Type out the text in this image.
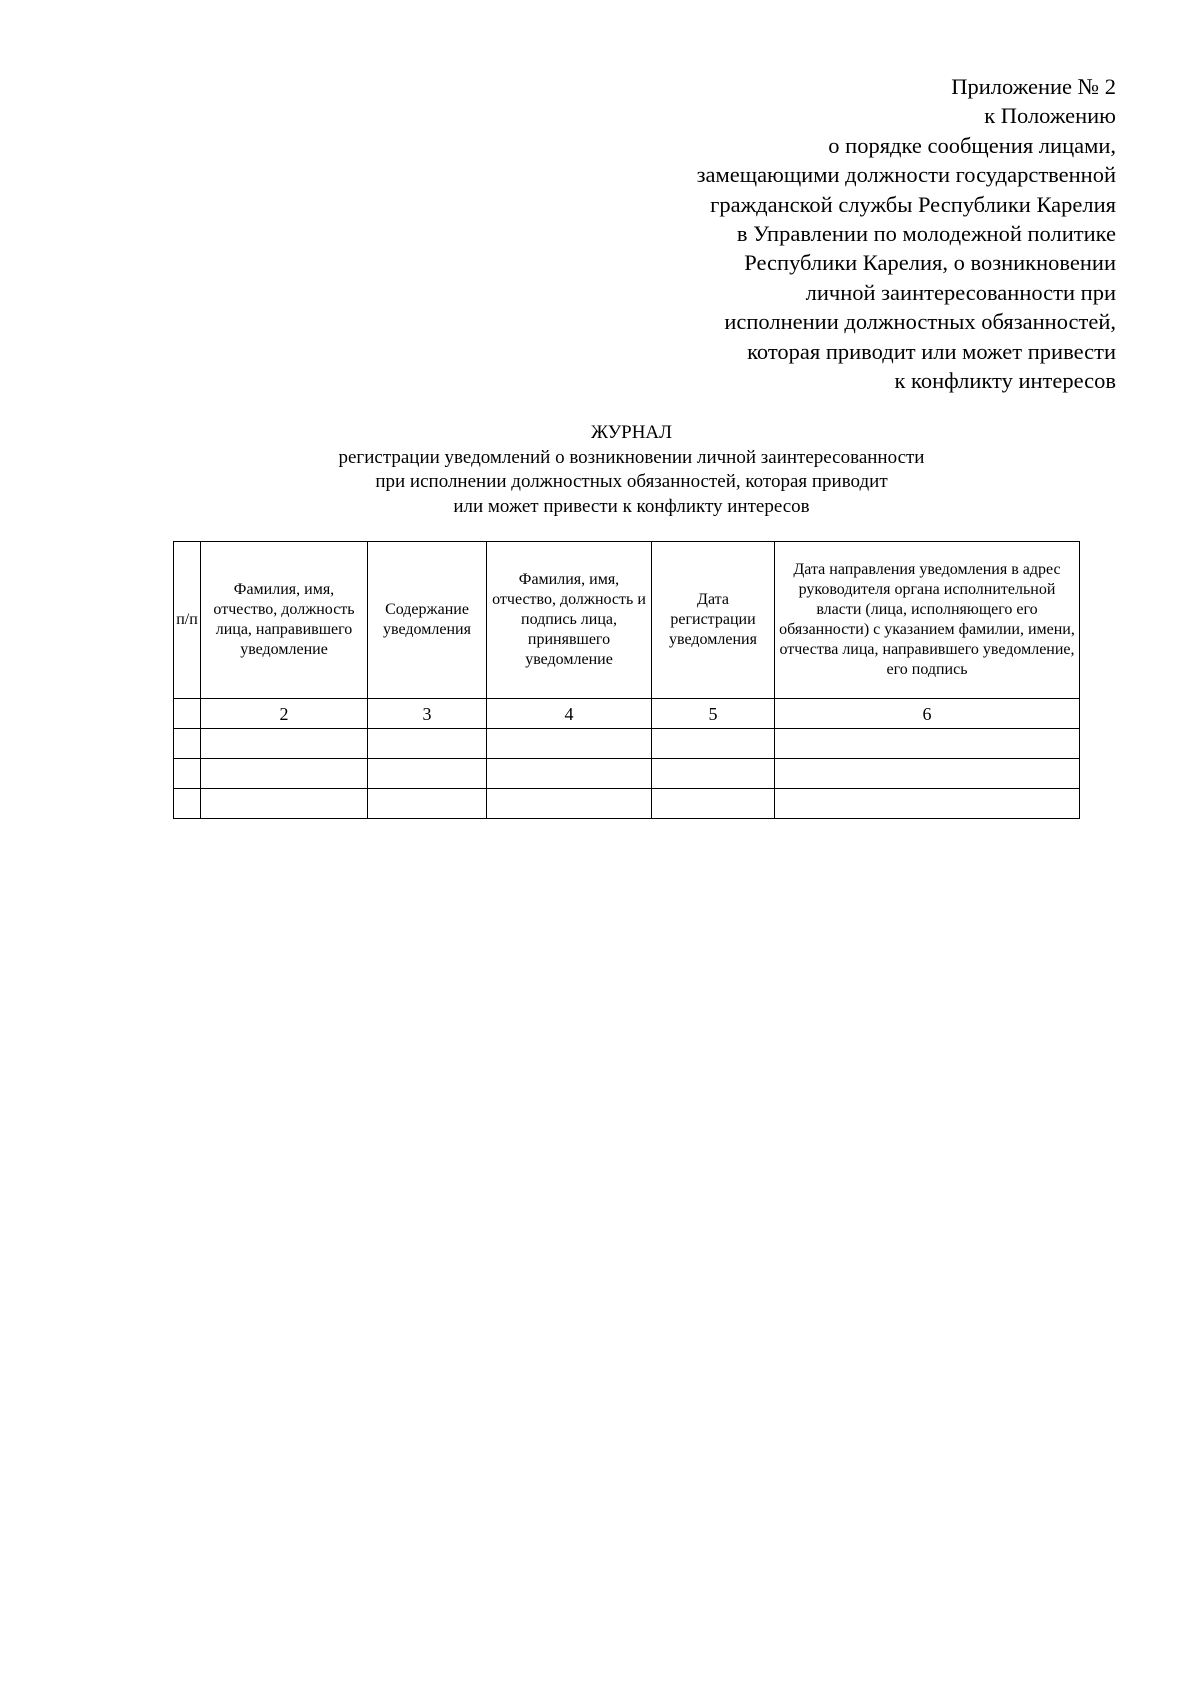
Приложение № 2
к Положению
о порядке сообщения лицами,
замещающими должности государственной
гражданской службы Республики Карелия
в Управлении по молодежной политике
Республики Карелия, о возникновении
личной заинтересованности при
исполнении должностных обязанностей,
которая приводит или может привести
к конфликту интересов
ЖУРНАЛ
регистрации уведомлений о возникновении личной заинтересованности
при исполнении должностных обязанностей, которая приводит
или может привести к конфликту интересов
п/п	Фамилия, имя, отчество, должность лица, направившего уведомление	Содержание уведомления	Фамилия, имя, отчество, должность и подпись лица, принявшего уведомление	Дата регистрации уведомления	Дата направления уведомления в адрес руководителя органа исполнительной власти (лица, исполняющего его обязанности) с указанием фамилии, имени, отчества лица, направившего уведомление, его подпись
	2	3	4	5	6
